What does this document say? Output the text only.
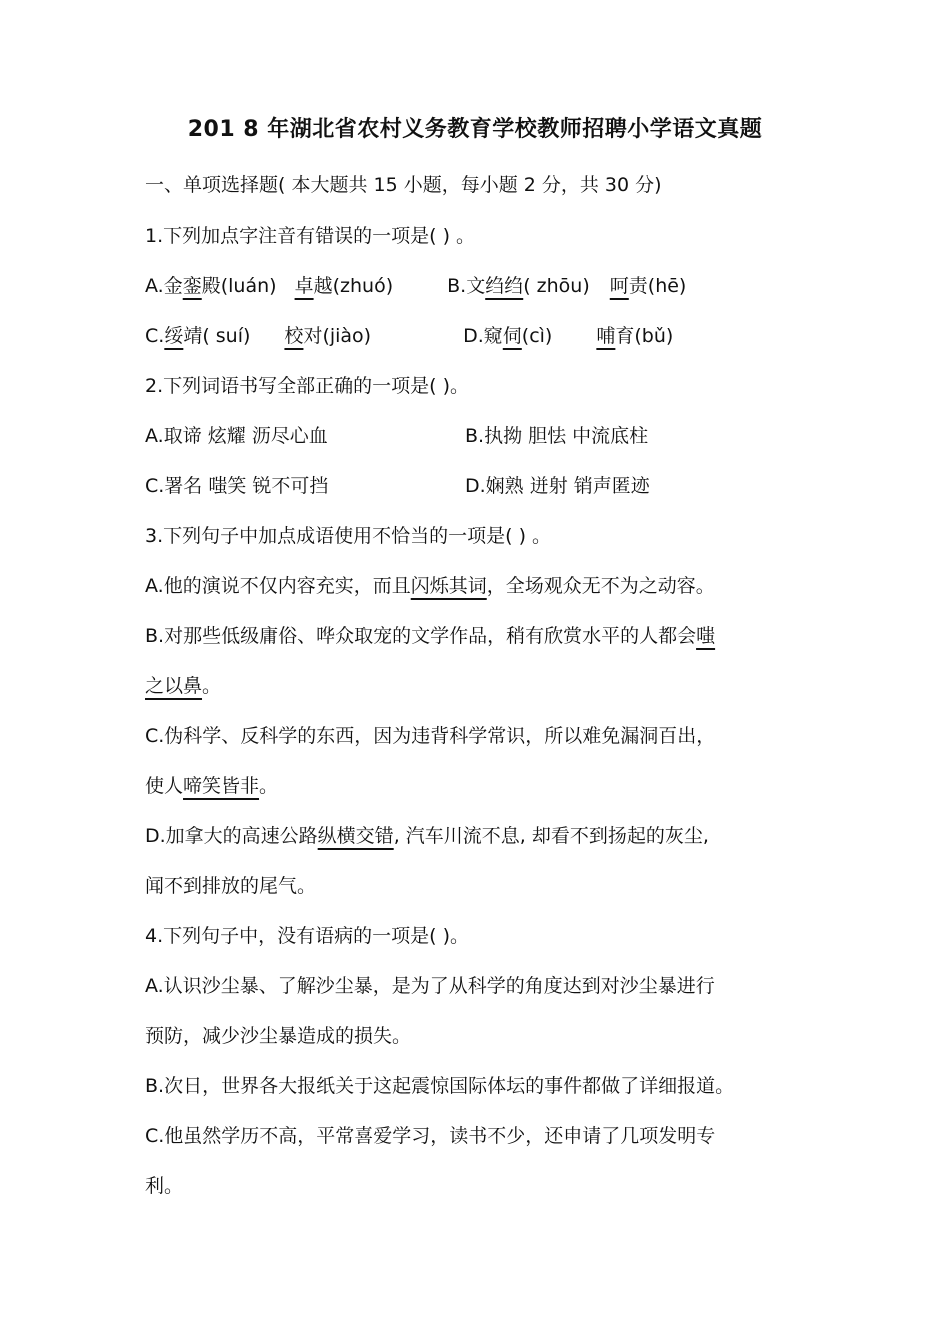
201 8 年湖北省农村义务教育学校教师招聘小学语文真题
一、单项选择题( 本大题共 15 小题，每小题 2 分，共 30 分)
1.下列加点字注音有错误的一项是( ) 。
A.金銮殿(luán) 卓越(zhuó)	B.文绉绉( zhōu) 呵责(hē)
C.绥靖( suí) 校对(jiào)	D.窥伺(cì) 哺育(bǔ)
2.下列词语书写全部正确的一项是( )。
A.取谛 炫耀 沥尽心血	B.执拗 胆怯 中流底柱
C.署名 嗤笑 锐不可挡	D.娴熟 迸射 销声匿迹
3.下列句子中加点成语使用不恰当的一项是( ) 。
A.他的演说不仅内容充实，而且闪烁其词，全场观众无不为之动容。
B.对那些低级庸俗、哗众取宠的文学作品，稍有欣赏水平的人都会嗤
之以鼻。
C.伪科学、反科学的东西，因为违背科学常识，所以难免漏洞百出，
使人啼笑皆非。
D.加拿大的高速公路纵横交错, 汽车川流不息, 却看不到扬起的灰尘,
闻不到排放的尾气。
4.下列句子中，没有语病的一项是( )。
A.认识沙尘暴、了解沙尘暴，是为了从科学的角度达到对沙尘暴进行
预防，减少沙尘暴造成的损失。
B.次日，世界各大报纸关于这起震惊国际体坛的事件都做了详细报道。
C.他虽然学历不高，平常喜爱学习，读书不少，还申请了几项发明专
利。
